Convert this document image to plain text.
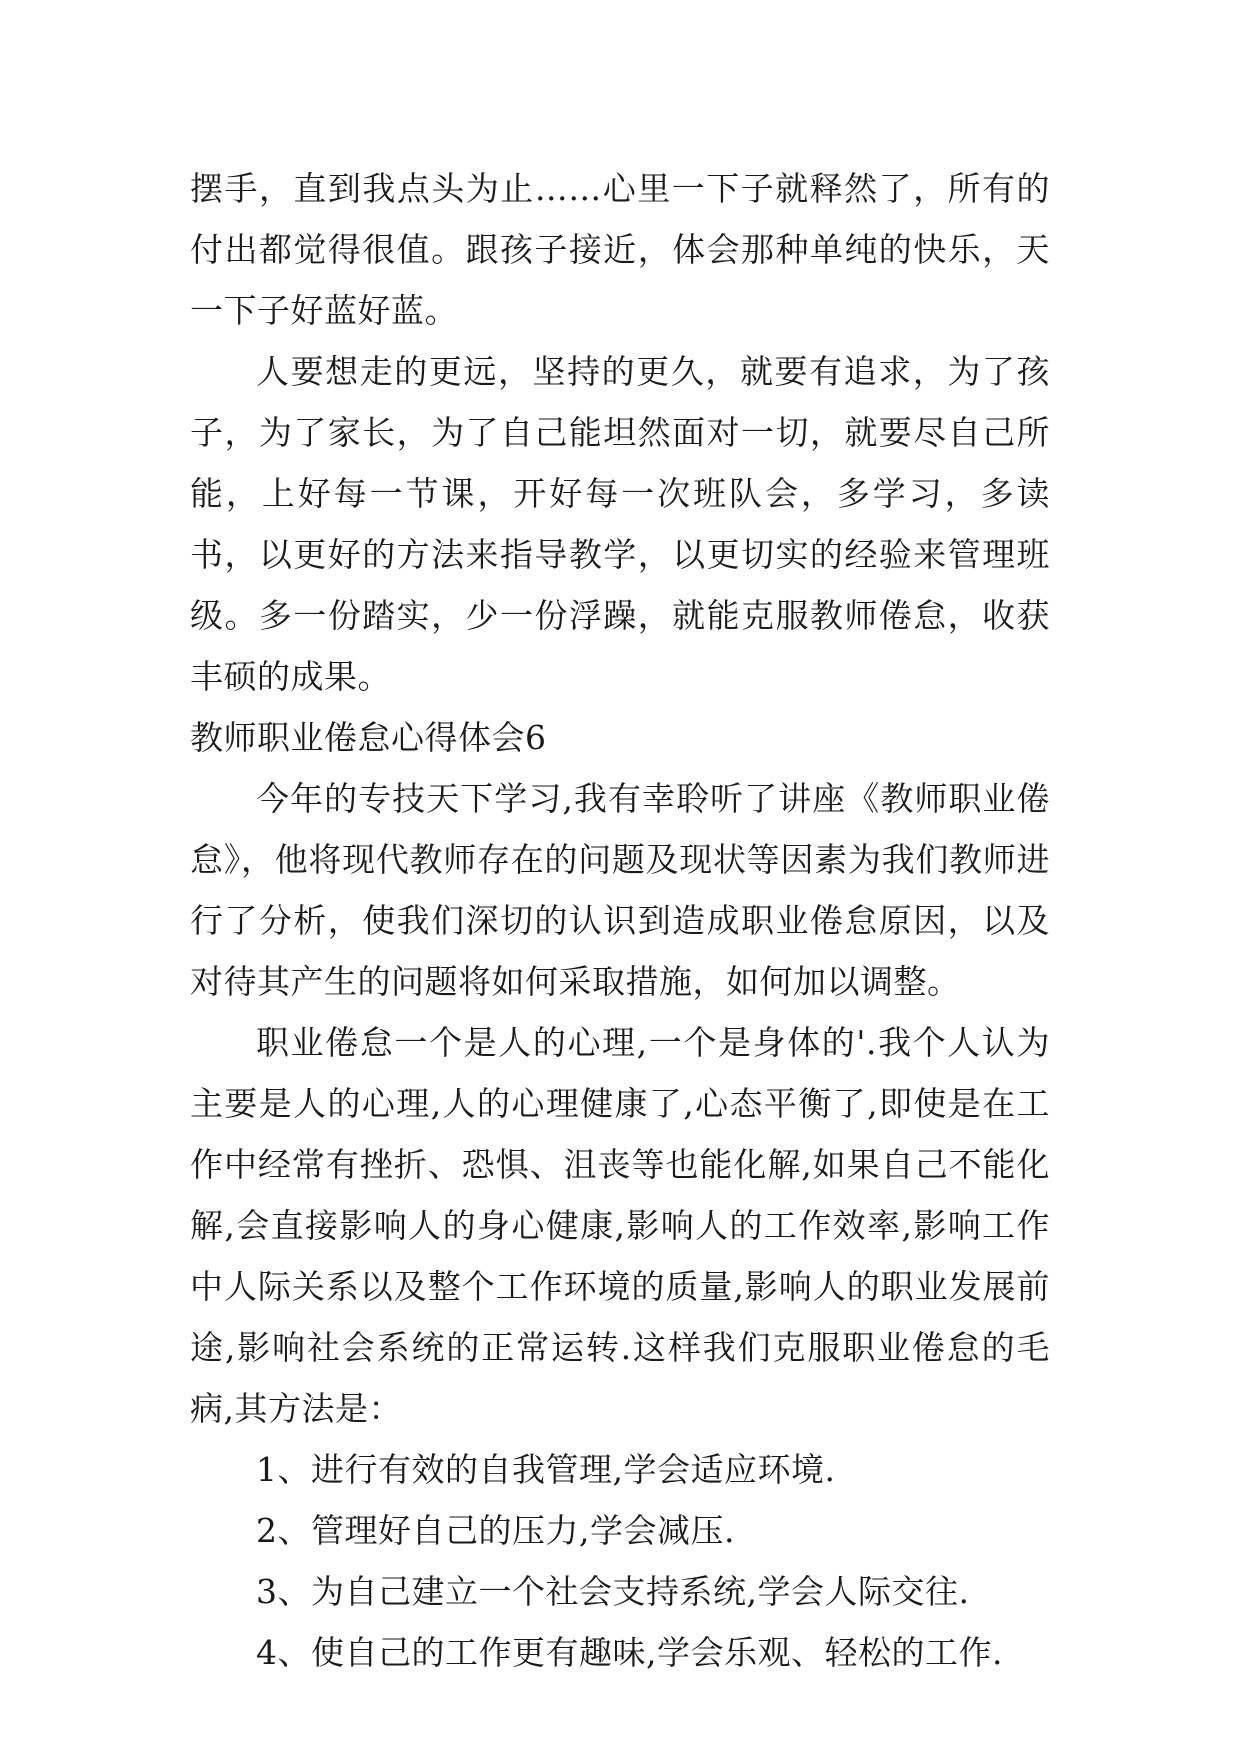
摆手，直到我点头为止……心里一下子就释然了，所有的付出都觉得很值。跟孩子接近，体会那种单纯的快乐，天一下子好蓝好蓝。

人要想走的更远，坚持的更久，就要有追求，为了孩子，为了家长，为了自己能坦然面对一切，就要尽自己所能，上好每一节课，开好每一次班队会，多学习，多读书，以更好的方法来指导教学，以更切实的经验来管理班级。多一份踏实，少一份浮躁，就能克服教师倦怠，收获丰硕的成果。

教师职业倦怠心得体会6

今年的专技天下学习,我有幸聆听了讲座《教师职业倦怠》，他将现代教师存在的问题及现状等因素为我们教师进行了分析，使我们深切的认识到造成职业倦怠原因，以及对待其产生的问题将如何采取措施，如何加以调整。

职业倦怠一个是人的心理,一个是身体的'.我个人认为主要是人的心理,人的心理健康了,心态平衡了,即使是在工作中经常有挫折、恐惧、沮丧等也能化解,如果自己不能化解,会直接影响人的身心健康,影响人的工作效率,影响工作中人际关系以及整个工作环境的质量,影响人的职业发展前途,影响社会系统的正常运转.这样我们克服职业倦怠的毛病,其方法是：

1、进行有效的自我管理,学会适应环境.

2、管理好自己的压力,学会减压.

3、为自己建立一个社会支持系统,学会人际交往.

4、使自己的工作更有趣味,学会乐观、轻松的工作.
